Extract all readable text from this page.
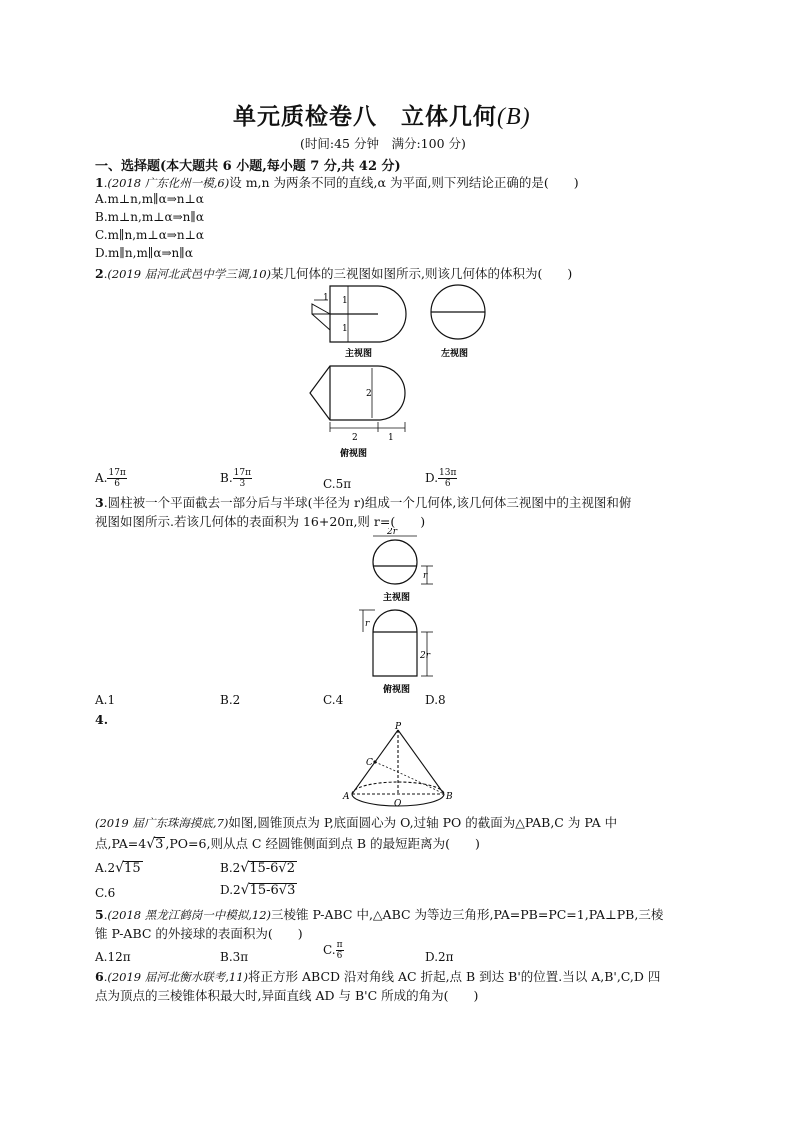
单元质检卷八　立体几何(B)
(时间:45 分钟　满分:100 分)
一、选择题(本大题共 6 小题,每小题 7 分,共 42 分)
1.(2018 广东化州一模,6)设 m,n 为两条不同的直线,α 为平面,则下列结论正确的是(　　)
A.m⊥n,m∥α⇒n⊥α
B.m⊥n,m⊥α⇒n∥α
C.m∥n,m⊥α⇒n⊥α
D.m∥n,m∥α⇒n∥α
2.(2019 届河北武邑中学三调,10)某几何体的三视图如图所示,则该几何体的体积为(　　)
1 1
1
2
2	1
主视图	左视图
俯视图
A. $\frac{17\pi}{6}$	B. $\frac{17\pi}{3}$	C.5π	D. $\frac{13\pi}{6}$
3.圆柱被一个平面截去一部分后与半球(半径为 r)组成一个几何体,该几何体三视图中的主视图和俯
视图如图所示.若该几何体的表面积为 16+20π,则 r=(　　)
2r
r
主视图
r
2r
俯视图
A.1	B.2	C.4	D.8
4.	P
C
A
O
B
(2019 届广东珠海摸底,7)如图,圆锥顶点为 P,底面圆心为 O,过轴 PO 的截面为△PAB,C 为 PA 中
点,PA=4√3 ,PO=6,则从点 C 经圆锥侧面到点 B 的最短距离为(　　)
A.2√15	B.2√15-6√2
C.6	D.2√15-6√3
5.(2018 黑龙江鹤岗一中模拟,12)三棱锥 P-ABC 中,△ABC 为等边三角形,PA=PB=PC=1,PA⊥PB,三棱
锥 P-ABC 的外接球的表面积为(　　)
A.12π	B.3π	C. $\frac{\pi}{6}$	D.2π
6.(2019 届河北衡水联考,11)将正方形 ABCD 沿对角线 AC 折起,点 B 到达 B'的位置.当以 A,B',C,D 四
点为顶点的三棱锥体积最大时,异面直线 AD 与 B'C 所成的角为(　　)
